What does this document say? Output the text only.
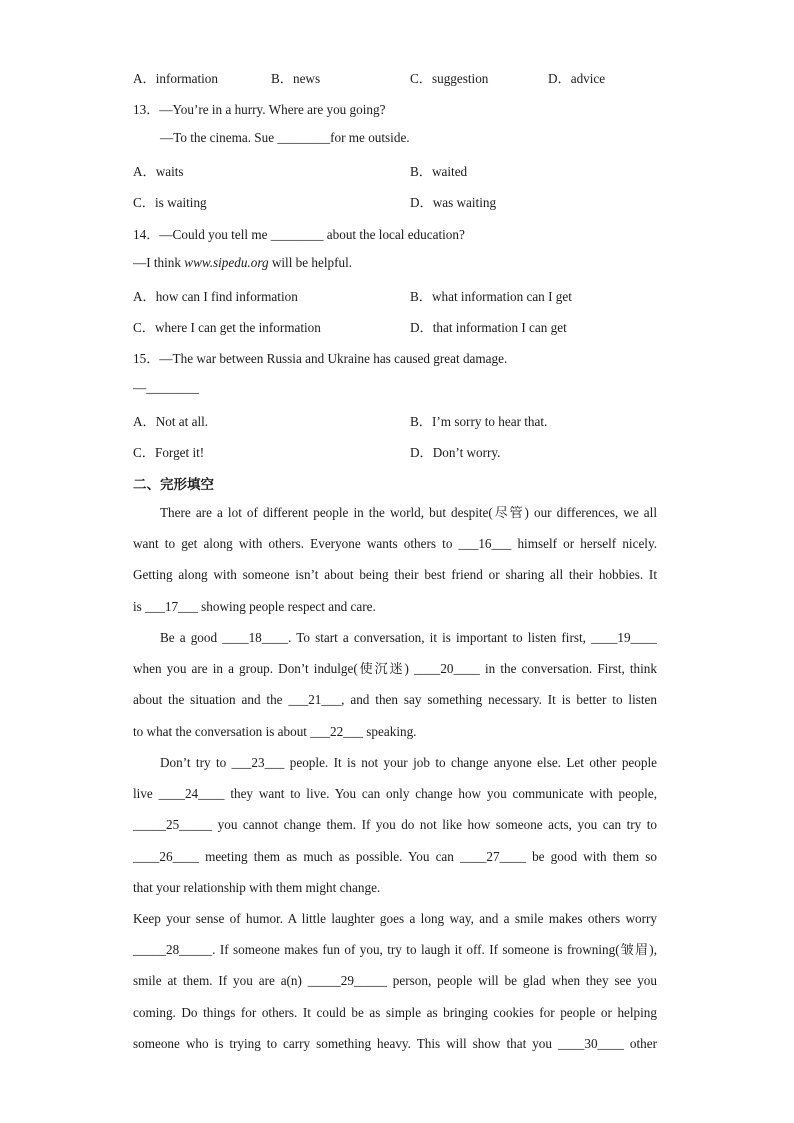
A．information	B．news	C．suggestion	D．advice
13．—You’re in a hurry. Where are you going?
—To the cinema. Sue ________for me outside.
A．waits	B．waited
C．is waiting	D．was waiting
14．—Could you tell me ________ about the local education?
—I think www.sipedu.org will be helpful.
A．how can I find information	B．what information can I get
C．where I can get the information	D．that information I can get
15．—The war between Russia and Ukraine has caused great damage.
—________
A．Not at all.	B．I’m sorry to hear that.
C．Forget it!	D．Don’t worry.
二、完形填空
There are a lot of different people in the world, but despite(尽管) our differences, we all
want to get along with others. Everyone wants others to ___16___ himself or herself nicely.
Getting along with someone isn’t about being their best friend or sharing all their hobbies. It
is ___17___ showing people respect and care.
Be a good ____18____. To start a conversation, it is important to listen first, ____19____
when you are in a group. Don’t indulge(使沉迷) ____20____ in the conversation. First, think
about the situation and the ___21___, and then say something necessary. It is better to listen
to what the conversation is about ___22___ speaking.
Don’t try to ___23___ people. It is not your job to change anyone else. Let other people
live ____24____ they want to live. You can only change how you communicate with people,
_____25_____ you cannot change them. If you do not like how someone acts, you can try to
____26____ meeting them as much as possible. You can ____27____ be good with them so
that your relationship with them might change.
Keep your sense of humor. A little laughter goes a long way, and a smile makes others worry
_____28_____. If someone makes fun of you, try to laugh it off. If someone is frowning(皱眉),
smile at them. If you are a(n) _____29_____ person, people will be glad when they see you
coming. Do things for others. It could be as simple as bringing cookies for people or helping
someone who is trying to carry something heavy. This will show that you ____30____ other
